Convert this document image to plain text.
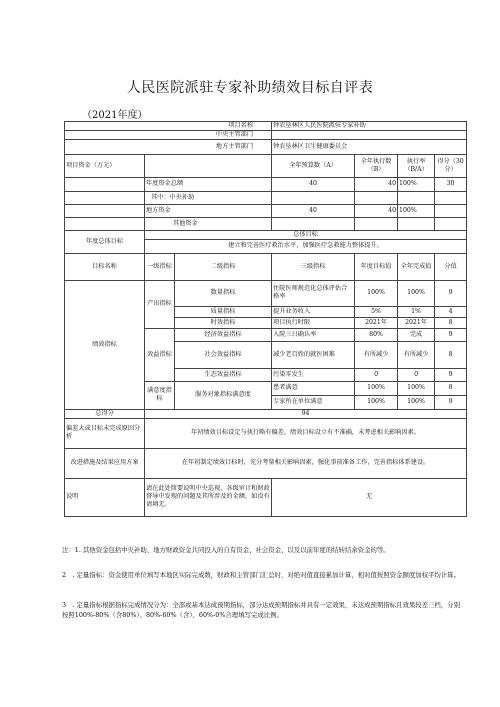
人民医院派驻专家补助绩效目标自评表
（2021年度）
项目名称			钟农垦林区人民医院派驻专家补助			
中央主管部门						
地方主管部门			钟农垦林区卫生健康委员会			
项目资金（万元）			全年预算数（A）	全年执行数（B）	执行率（B/A）	得分（30分）
	年度资金总额		40	40	100%	30
	其中：中央补助					
	地方资金		40	40	100%	
	其他资金					
年度总体目标	总体目标					
	建立和完善医疗救治水平，加强医疗急救能力整体提升。					
目标名称	一级指标	二级指标	三级指标	年度目标值	全年完成值	分值
绩效指标	产出指标	数量指标	住院医师规范化总体评估合格率	100%	100%	9
		质量指标	提升业务收入	5%	1%	4
		时效指标	项目执行时限	2021年	2021年	8
	效益指标	经济效益指标	入院三日确认率	80%	完成	9
		社会效益指标	减少老百姓的就医困难	有所减少	有所减少	8
		生态效益指标	污染零发生	0	0	9
	满意度指标	服务对象指标满意度	患者满意	100%	100%	8
			专家所在单位满意	100%	100%	9
总得分	94					
偏差大或目标未完成原因分析	年初绩效目标设定与执行略有偏差，绩效目标设立有不准确，未考虑相关影响因素。					
改进措施及结果应用方案	在年初制定绩效目标时，充分考量相关影响因素，强化事前准备工作，完善指标体系建设。					
说明	请在此处简要说明中央巡视、各级审计和财政督导中发现的问题及其所涉及的金额，如没有请填无。		无			
注：1. 其他资金包括中央补助、地方财政资金共同投入的自有资金、社会资金、以及以前年度的结转结余资金的等。
2　. 定量指标：资金使用单位填写本地区实际完成数，财政和主管部门汇总时，对绝对值直接累加计算，相对值按照资金额度加权平均计算。
3　. 定量指标根据指标完成情况分为：全部或基本达成预期指标，部分达成预期指标并具有一定效果，未达成预期指标且效果较差三档，分别按照100%-80%（含80%）、80%-60%（含）、60%-0%合理填写完成比例。
